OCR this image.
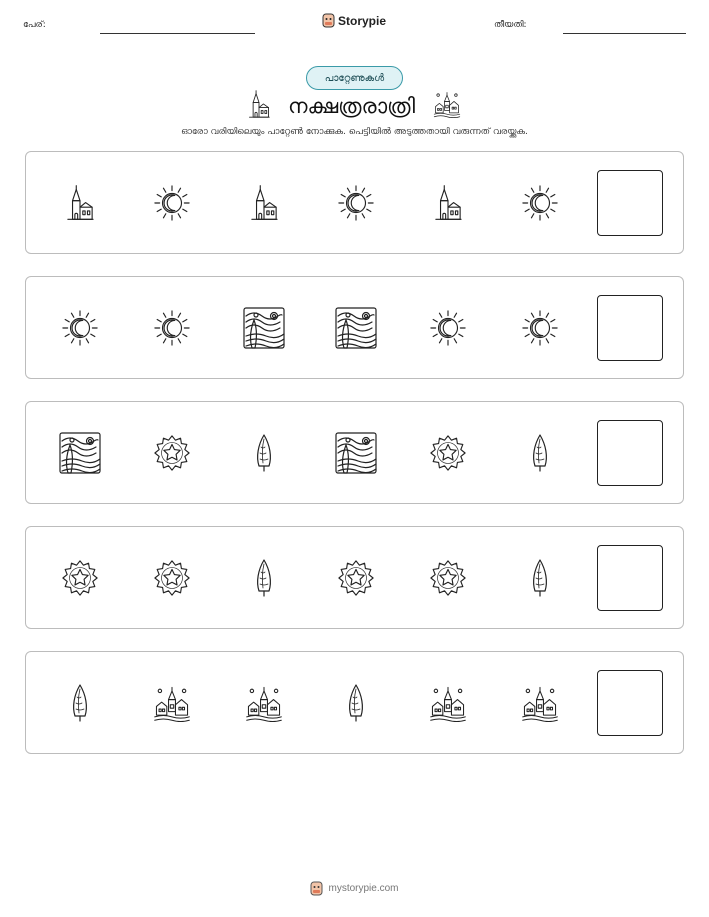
പേര്:	Storypie	തീയതി:
പാറ്റേണുകൾ
നക്ഷത്രരാത്രി
ഓരോ വരിയിലെയും പാറ്റേൺ നോക്കുക. പെട്ടിയിൽ അടുത്തതായി വരുന്നത് വരയ്ക്കുക.
mystorypie.com
